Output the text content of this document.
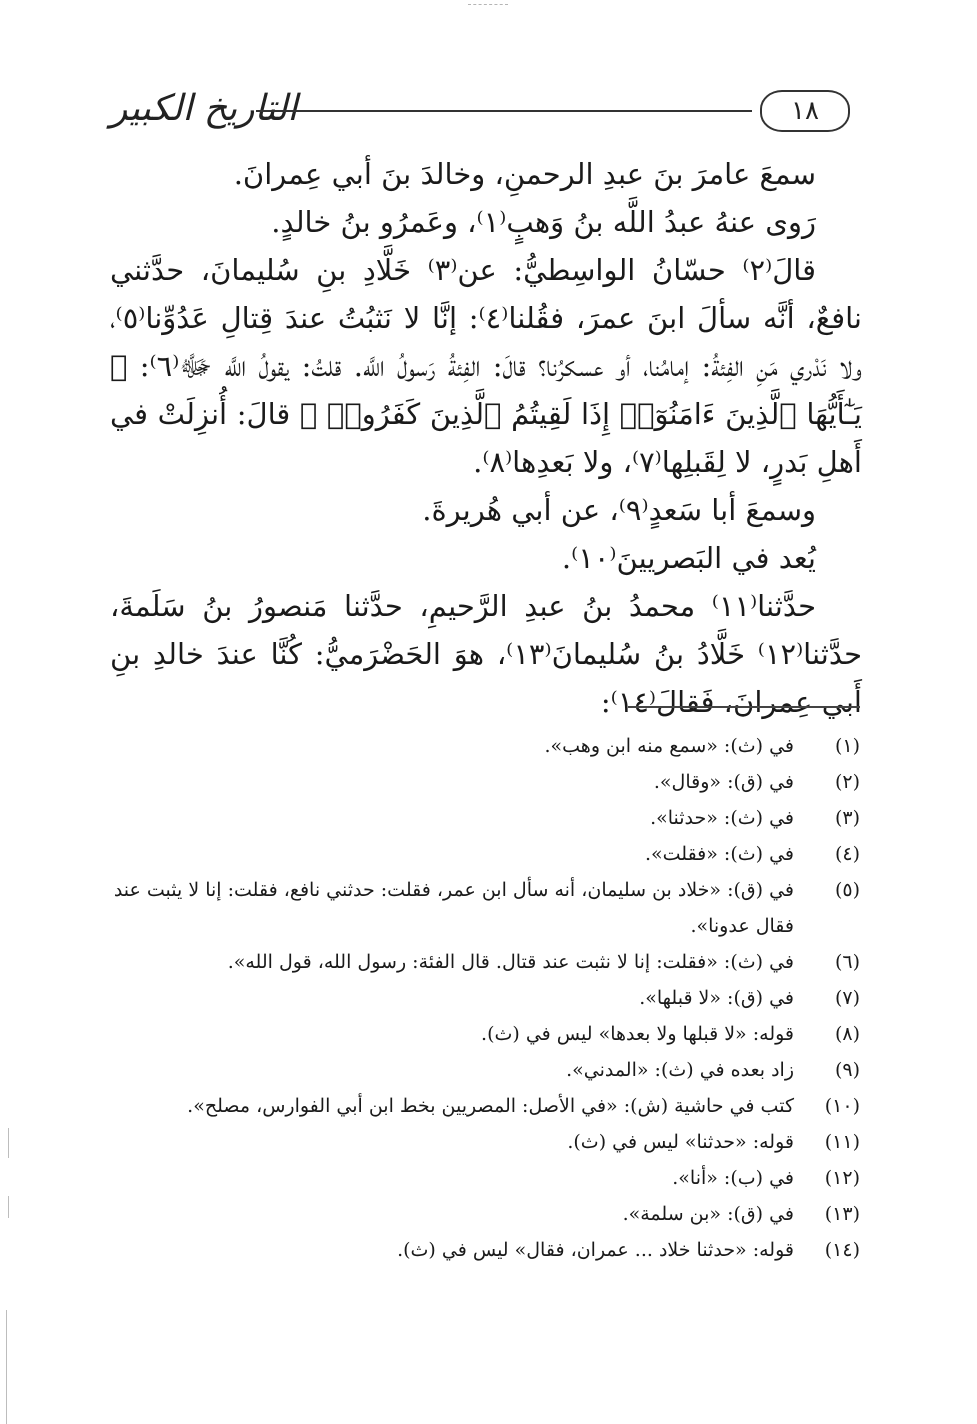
التاريخ الكبير	١٨

سمعَ عامرَ بنَ عبدِ الرحمنِ، وخالدَ بنَ أبي عِمرانَ.

رَوى عنهُ عبدُ اللَّه بنُ وَهبٍ⁽١⁾، وعَمرُو بنُ خالدٍ.

قالَ⁽٢⁾ حسّانُ الواسِطيُّ: عن⁽٣⁾ خَلَّادِ بنِ سُليمانَ، حدَّثني نافعٌ، أنَّه سألَ ابنَ عمرَ، فقُلنا⁽٤⁾: إنَّا لا نَثبُتُ عندَ قِتالِ عَدُوِّنا⁽٥⁾، ولا نَدْري مَنِ الفِئةُ: إمامُنا، أو عسكرُنا؟ قالَ: الفِئةُ رَسولُ اللَّه. قلتُ: يقولُ اللَّه ﷻ⁽٦⁾: ﴿ يَـٰٓأَيُّهَا ٱلَّذِينَ ءَامَنُوٓا۟ إِذَا لَقِيتُمُ ٱلَّذِينَ كَفَرُوا۟ ﴾ قالَ: أُنزِلَتْ في أَهلِ بَدرٍ، لا لِقَبلِها⁽٧⁾، ولا بَعدِها⁽٨⁾.

وسمعَ أبا سَعدٍ⁽٩⁾، عن أبي هُريرةَ.

يُعد في البَصريينَ⁽١٠⁾.

حدَّثنا⁽١١⁾ محمدُ بنُ عبدِ الرَّحيمِ، حدَّثنا مَنصورُ بنُ سَلَمةَ، حدَّثنا⁽١٢⁾ خَلَّادُ بنُ سُليمانَ⁽١٣⁾، هوَ الحَضْرَميُّ: كُنَّا عندَ خالدِ بنِ أَبي عِمرانَ، فَقالَ⁽١٤⁾:

(١)
في (ث): «سمع منه ابن وهب».
(٢)
في (ق): «وقال».
(٣)
في (ث): «حدثنا».
(٤)
في (ث): «فقلت».
(٥)
في (ق): «خلاد بن سليمان، أنه سأل ابن عمر، فقلت: حدثني نافع، فقلت: إنا لا يثبت عند فقال عدونا».
(٦)
في (ث): «فقلت: إنا لا نثبت عند قتال. قال الفئة: رسول الله، قول الله».
(٧)
في (ق): «لا قبلها».
(٨)
قوله: «لا قبلها ولا بعدها» ليس في (ث).
(٩)
زاد بعده في (ث): «المدني».
(١٠)
كتب في حاشية (ش): «في الأصل: المصريين بخط ابن أبي الفوارس، مصلح».
(١١)
قوله: «حدثنا» ليس في (ث).
(١٢)
في (ب): «أنا».
(١٣)
في (ق): «بن سلمة».
(١٤)
قوله: «حدثنا خلاد ... عمران، فقال» ليس في (ث).
